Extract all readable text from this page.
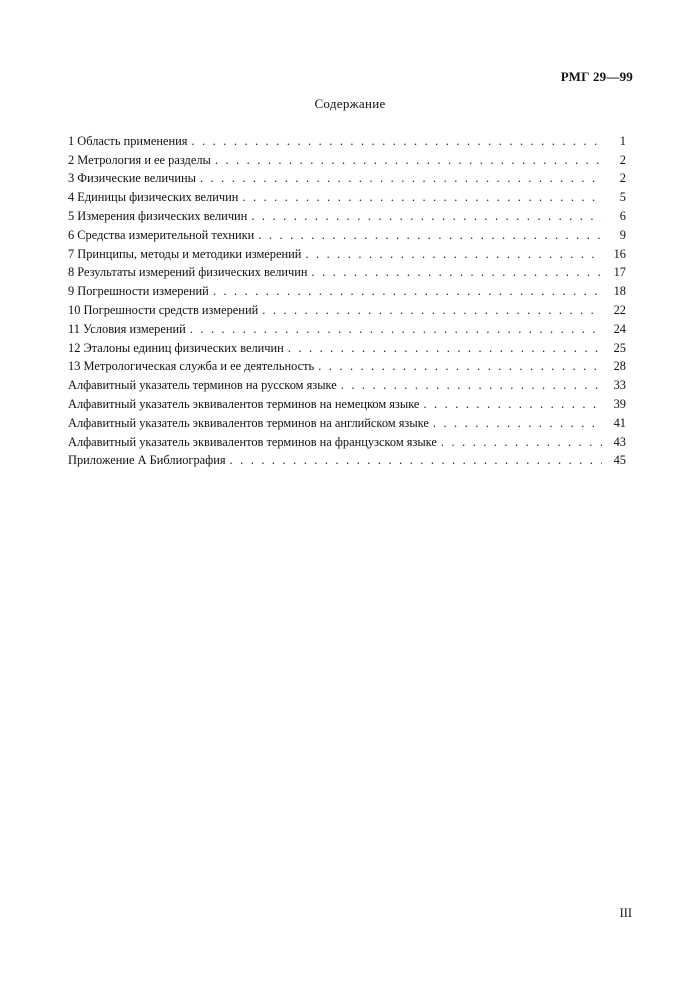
РМГ 29—99
Содержание
1 Область применения . . .	1
2 Метрология и ее разделы . . .	2
3 Физические величины . . .	2
4 Единицы физических величин . . .	5
5 Измерения физических величин . . .	6
6 Средства измерительной техники . . .	9
7 Принципы, методы и методики измерений . . .	16
8 Результаты измерений физических величин . . .	17
9 Погрешности измерений . . .	18
10 Погрешности средств измерений . . .	22
11 Условия измерений . . .	24
12 Эталоны единиц физических величин . . .	25
13 Метрологическая служба и ее деятельность . . .	28
Алфавитный указатель терминов на русском языке . . .	33
Алфавитный указатель эквивалентов терминов на немецком языке . . .	39
Алфавитный указатель эквивалентов терминов на английском языке . . .	41
Алфавитный указатель эквивалентов терминов на французском языке . . .	43
Приложение А Библиография . . .	45
III
